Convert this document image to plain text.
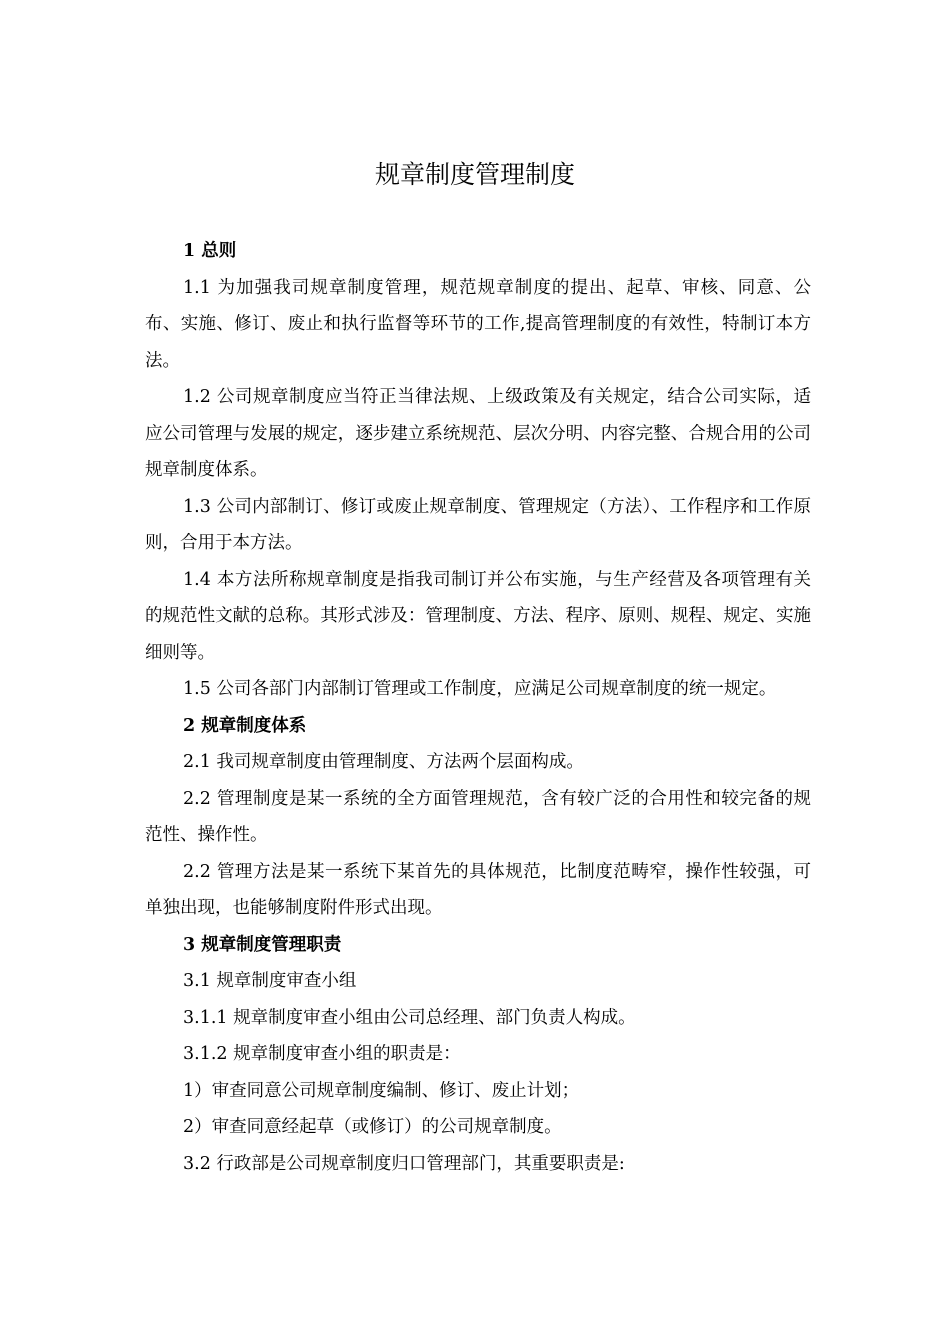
规章制度管理制度

1 总则

1.1 为加强我司规章制度管理，规范规章制度的提出、起草、审核、同意、公布、实施、修订、废止和执行监督等环节的工作,提高管理制度的有效性，特制订本方法。

1.2 公司规章制度应当符正当律法规、上级政策及有关规定，结合公司实际，适应公司管理与发展的规定，逐步建立系统规范、层次分明、内容完整、合规合用的公司规章制度体系。

1.3 公司内部制订、修订或废止规章制度、管理规定（方法）、工作程序和工作原则，合用于本方法。

1.4 本方法所称规章制度是指我司制订并公布实施，与生产经营及各项管理有关的规范性文献的总称。其形式涉及：管理制度、方法、程序、原则、规程、规定、实施细则等。

1.5 公司各部门内部制订管理或工作制度，应满足公司规章制度的统一规定。

2 规章制度体系

2.1 我司规章制度由管理制度、方法两个层面构成。

2.2 管理制度是某一系统的全方面管理规范，含有较广泛的合用性和较完备的规范性、操作性。

2.2 管理方法是某一系统下某首先的具体规范，比制度范畴窄，操作性较强，可单独出现，也能够制度附件形式出现。

3 规章制度管理职责

3.1 规章制度审查小组

3.1.1 规章制度审查小组由公司总经理、部门负责人构成。

3.1.2 规章制度审查小组的职责是：

1）审查同意公司规章制度编制、修订、废止计划；

2）审查同意经起草（或修订）的公司规章制度。

3.2 行政部是公司规章制度归口管理部门，其重要职责是:
